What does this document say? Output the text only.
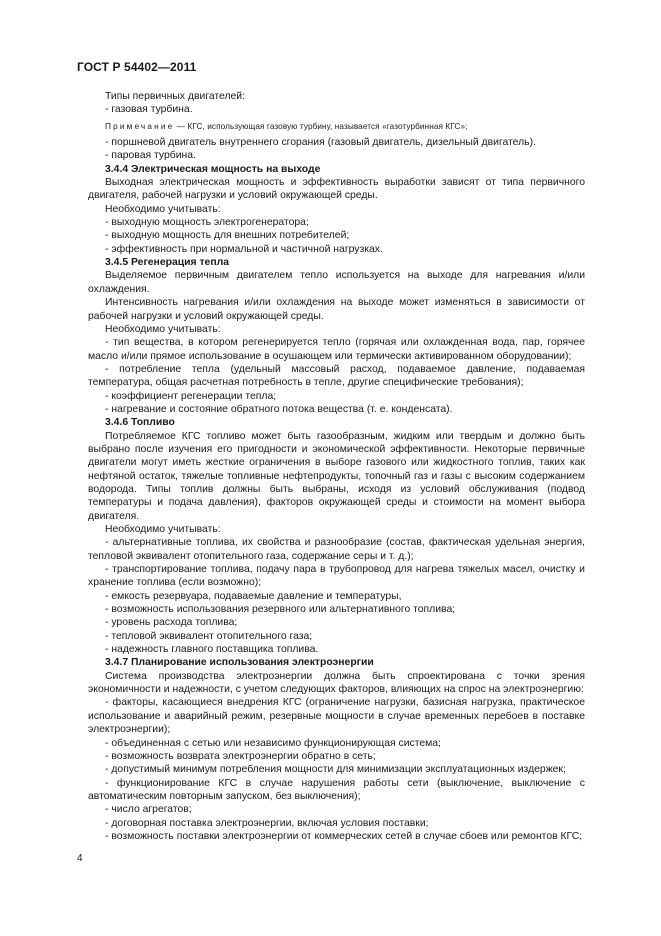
ГОСТ Р 54402—2011

Типы первичных двигателей:

- газовая турбина.

Примечание — КГС, использующая газовую турбину, называется «газотурбинная КГС»;

- поршневой двигатель внутреннего сгорания (газовый двигатель, дизельный двигатель).

- паровая турбина.

3.4.4 Электрическая мощность на выходе

Выходная электрическая мощность и эффективность выработки зависят от типа первичного двигателя, рабочей нагрузки и условий окружающей среды.

Необходимо учитывать:

- выходную мощность электрогенератора;

- выходную мощность для внешних потребителей;

- эффективность при нормальной и частичной нагрузках.

3.4.5 Регенерация тепла

Выделяемое первичным двигателем тепло используется на выходе для нагревания и/или охлаждения.

Интенсивность нагревания и/или охлаждения на выходе может изменяться в зависимости от рабочей нагрузки и условий окружающей среды.

Необходимо учитывать:

- тип вещества, в котором регенерируется тепло (горячая или охлажденная вода, пар, горячее масло и/или прямое использование в осушающем или термически активированном оборудовании);

- потребление тепла (удельный массовый расход, подаваемое давление, подаваемая температура, общая расчетная потребность в тепле, другие специфические требования);

- коэффициент регенерации тепла;

- нагревание и состояние обратного потока вещества (т. е. конденсата).

3.4.6 Топливо

Потребляемое КГС топливо может быть газообразным, жидким или твердым и должно быть выбрано после изучения его пригодности и экономической эффективности. Некоторые первичные двигатели могут иметь жесткие ограничения в выборе газового или жидкостного топлив, таких как нефтяной остаток, тяжелые топливные нефтепродукты, топочный газ и газы с высоким содержанием водорода. Типы топлив должны быть выбраны, исходя из условий обслуживания (подвод температуры и подача давления), факторов окружающей среды и стоимости на момент выбора двигателя.

Необходимо учитывать:

- альтернативные топлива, их свойства и разнообразие (состав, фактическая удельная энергия, тепловой эквивалент отопительного газа, содержание серы и т. д.);

- транспортирование топлива, подачу пара в трубопровод для нагрева тяжелых масел, очистку и хранение топлива (если возможно);

- емкость резервуара, подаваемые давление и температуры,

- возможность использования резервного или альтернативного топлива;

- уровень расхода топлива;

- тепловой эквивалент отопительного газа;

- надежность главного поставщика топлива.

3.4.7 Планирование использования электроэнергии

Система производства электроэнергии должна быть спроектирована с точки зрения экономичности и надежности, с учетом следующих факторов, влияющих на спрос на электроэнергию:

- факторы, касающиеся внедрения КГС (ограничение нагрузки, базисная нагрузка, практическое использование и аварийный режим, резервные мощности в случае временных перебоев в поставке электроэнергии);

- объединенная с сетью или независимо функционирующая система;

- возможность возврата электроэнергии обратно в сеть;

- допустимый минимум потребления мощности для минимизации эксплуатационных издержек;

- функционирование КГС в случае нарушения работы сети (выключение, выключение с автоматическим повторным запуском, без выключения);

- число агрегатов;

- договорная поставка электроэнергии, включая условия поставки;

- возможность поставки электроэнергии от коммерческих сетей в случае сбоев или ремонтов КГС;

4
